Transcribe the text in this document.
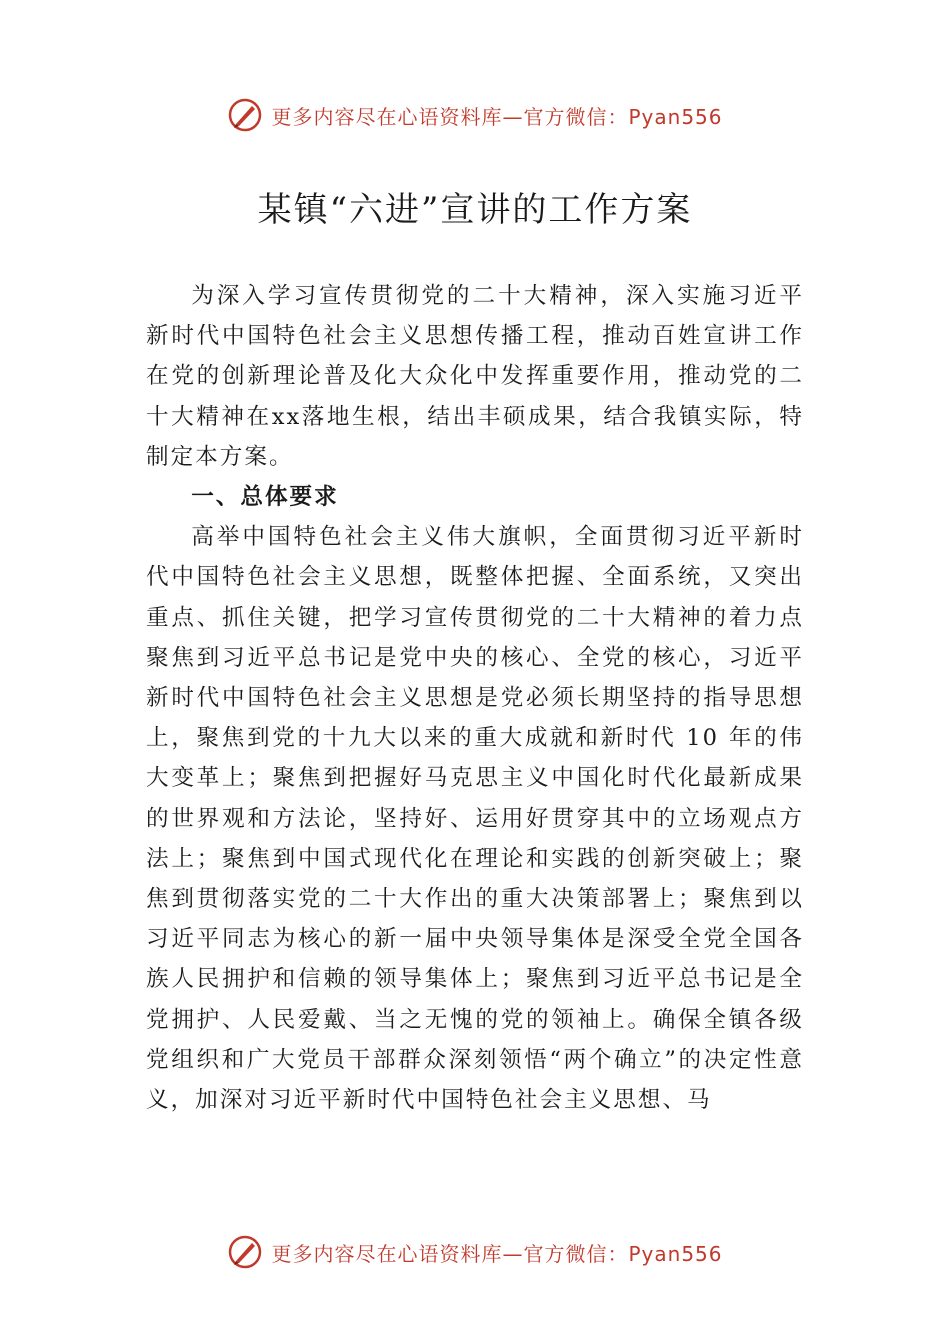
更多内容尽在心语资料库—官方微信：Pyan556
某镇“六进”宣讲的工作方案

为深入学习宣传贯彻党的二十大精神，深入实施习近平新时代中国特色社会主义思想传播工程，推动百姓宣讲工作在党的创新理论普及化大众化中发挥重要作用，推动党的二十大精神在xx落地生根，结出丰硕成果，结合我镇实际，特制定本方案。

一、总体要求

高举中国特色社会主义伟大旗帜，全面贯彻习近平新时代中国特色社会主义思想，既整体把握、全面系统，又突出重点、抓住关键，把学习宣传贯彻党的二十大精神的着力点聚焦到习近平总书记是党中央的核心、全党的核心，习近平新时代中国特色社会主义思想是党必须长期坚持的指导思想上，聚焦到党的十九大以来的重大成就和新时代 10 年的伟大变革上；聚焦到把握好马克思主义中国化时代化最新成果的世界观和方法论，坚持好、运用好贯穿其中的立场观点方法上；聚焦到中国式现代化在理论和实践的创新突破上；聚焦到贯彻落实党的二十大作出的重大决策部署上；聚焦到以习近平同志为核心的新一届中央领导集体是深受全党全国各族人民拥护和信赖的领导集体上；聚焦到习近平总书记是全党拥护、人民爱戴、当之无愧的党的领袖上。确保全镇各级党组织和广大党员干部群众深刻领悟“两个确立”的决定性意义，加深对习近平新时代中国特色社会主义思想、马

更多内容尽在心语资料库—官方微信：Pyan556
